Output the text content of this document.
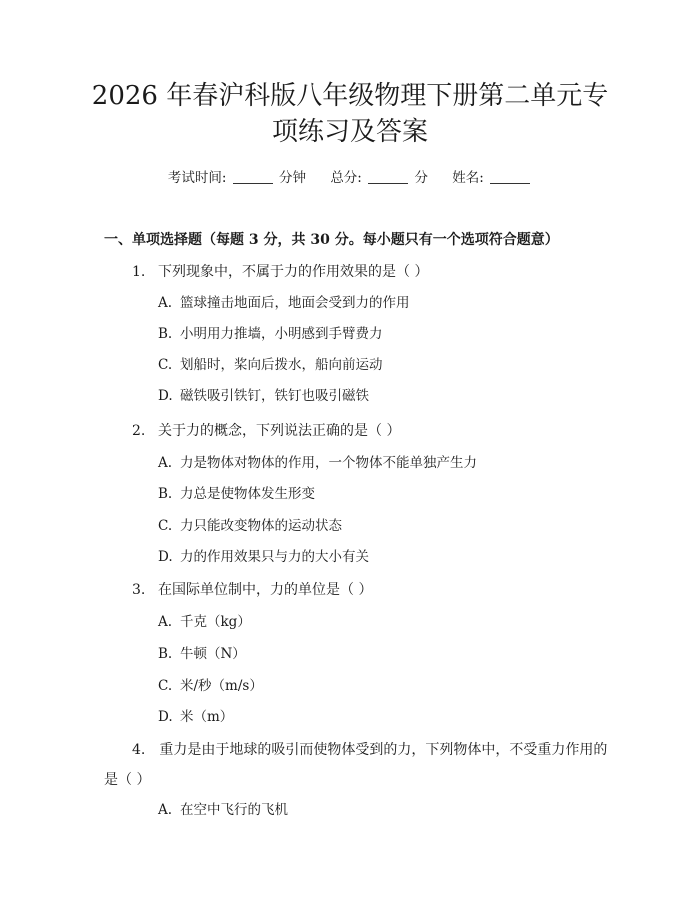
2026 年春沪科版八年级物理下册第二单元专
项练习及答案
考试时间:	分钟 总分:	分 姓名:
一、单项选择题（每题 3 分，共 30 分。每小题只有一个选项符合题意）
1. 下列现象中，不属于力的作用效果的是（ ）
A. 篮球撞击地面后，地面会受到力的作用
B. 小明用力推墙，小明感到手臂费力
C. 划船时，桨向后拨水，船向前运动
D. 磁铁吸引铁钉，铁钉也吸引磁铁
2. 关于力的概念，下列说法正确的是（ ）
A. 力是物体对物体的作用，一个物体不能单独产生力
B. 力总是使物体发生形变
C. 力只能改变物体的运动状态
D. 力的作用效果只与力的大小有关
3. 在国际单位制中，力的单位是（ ）
A. 千克（kg）
B. 牛顿（N）
C. 米/秒（m/s）
D. 米（m）
4. 重力是由于地球的吸引而使物体受到的力，下列物体中，不受重力作用的是（ ）
A. 在空中飞行的飞机
